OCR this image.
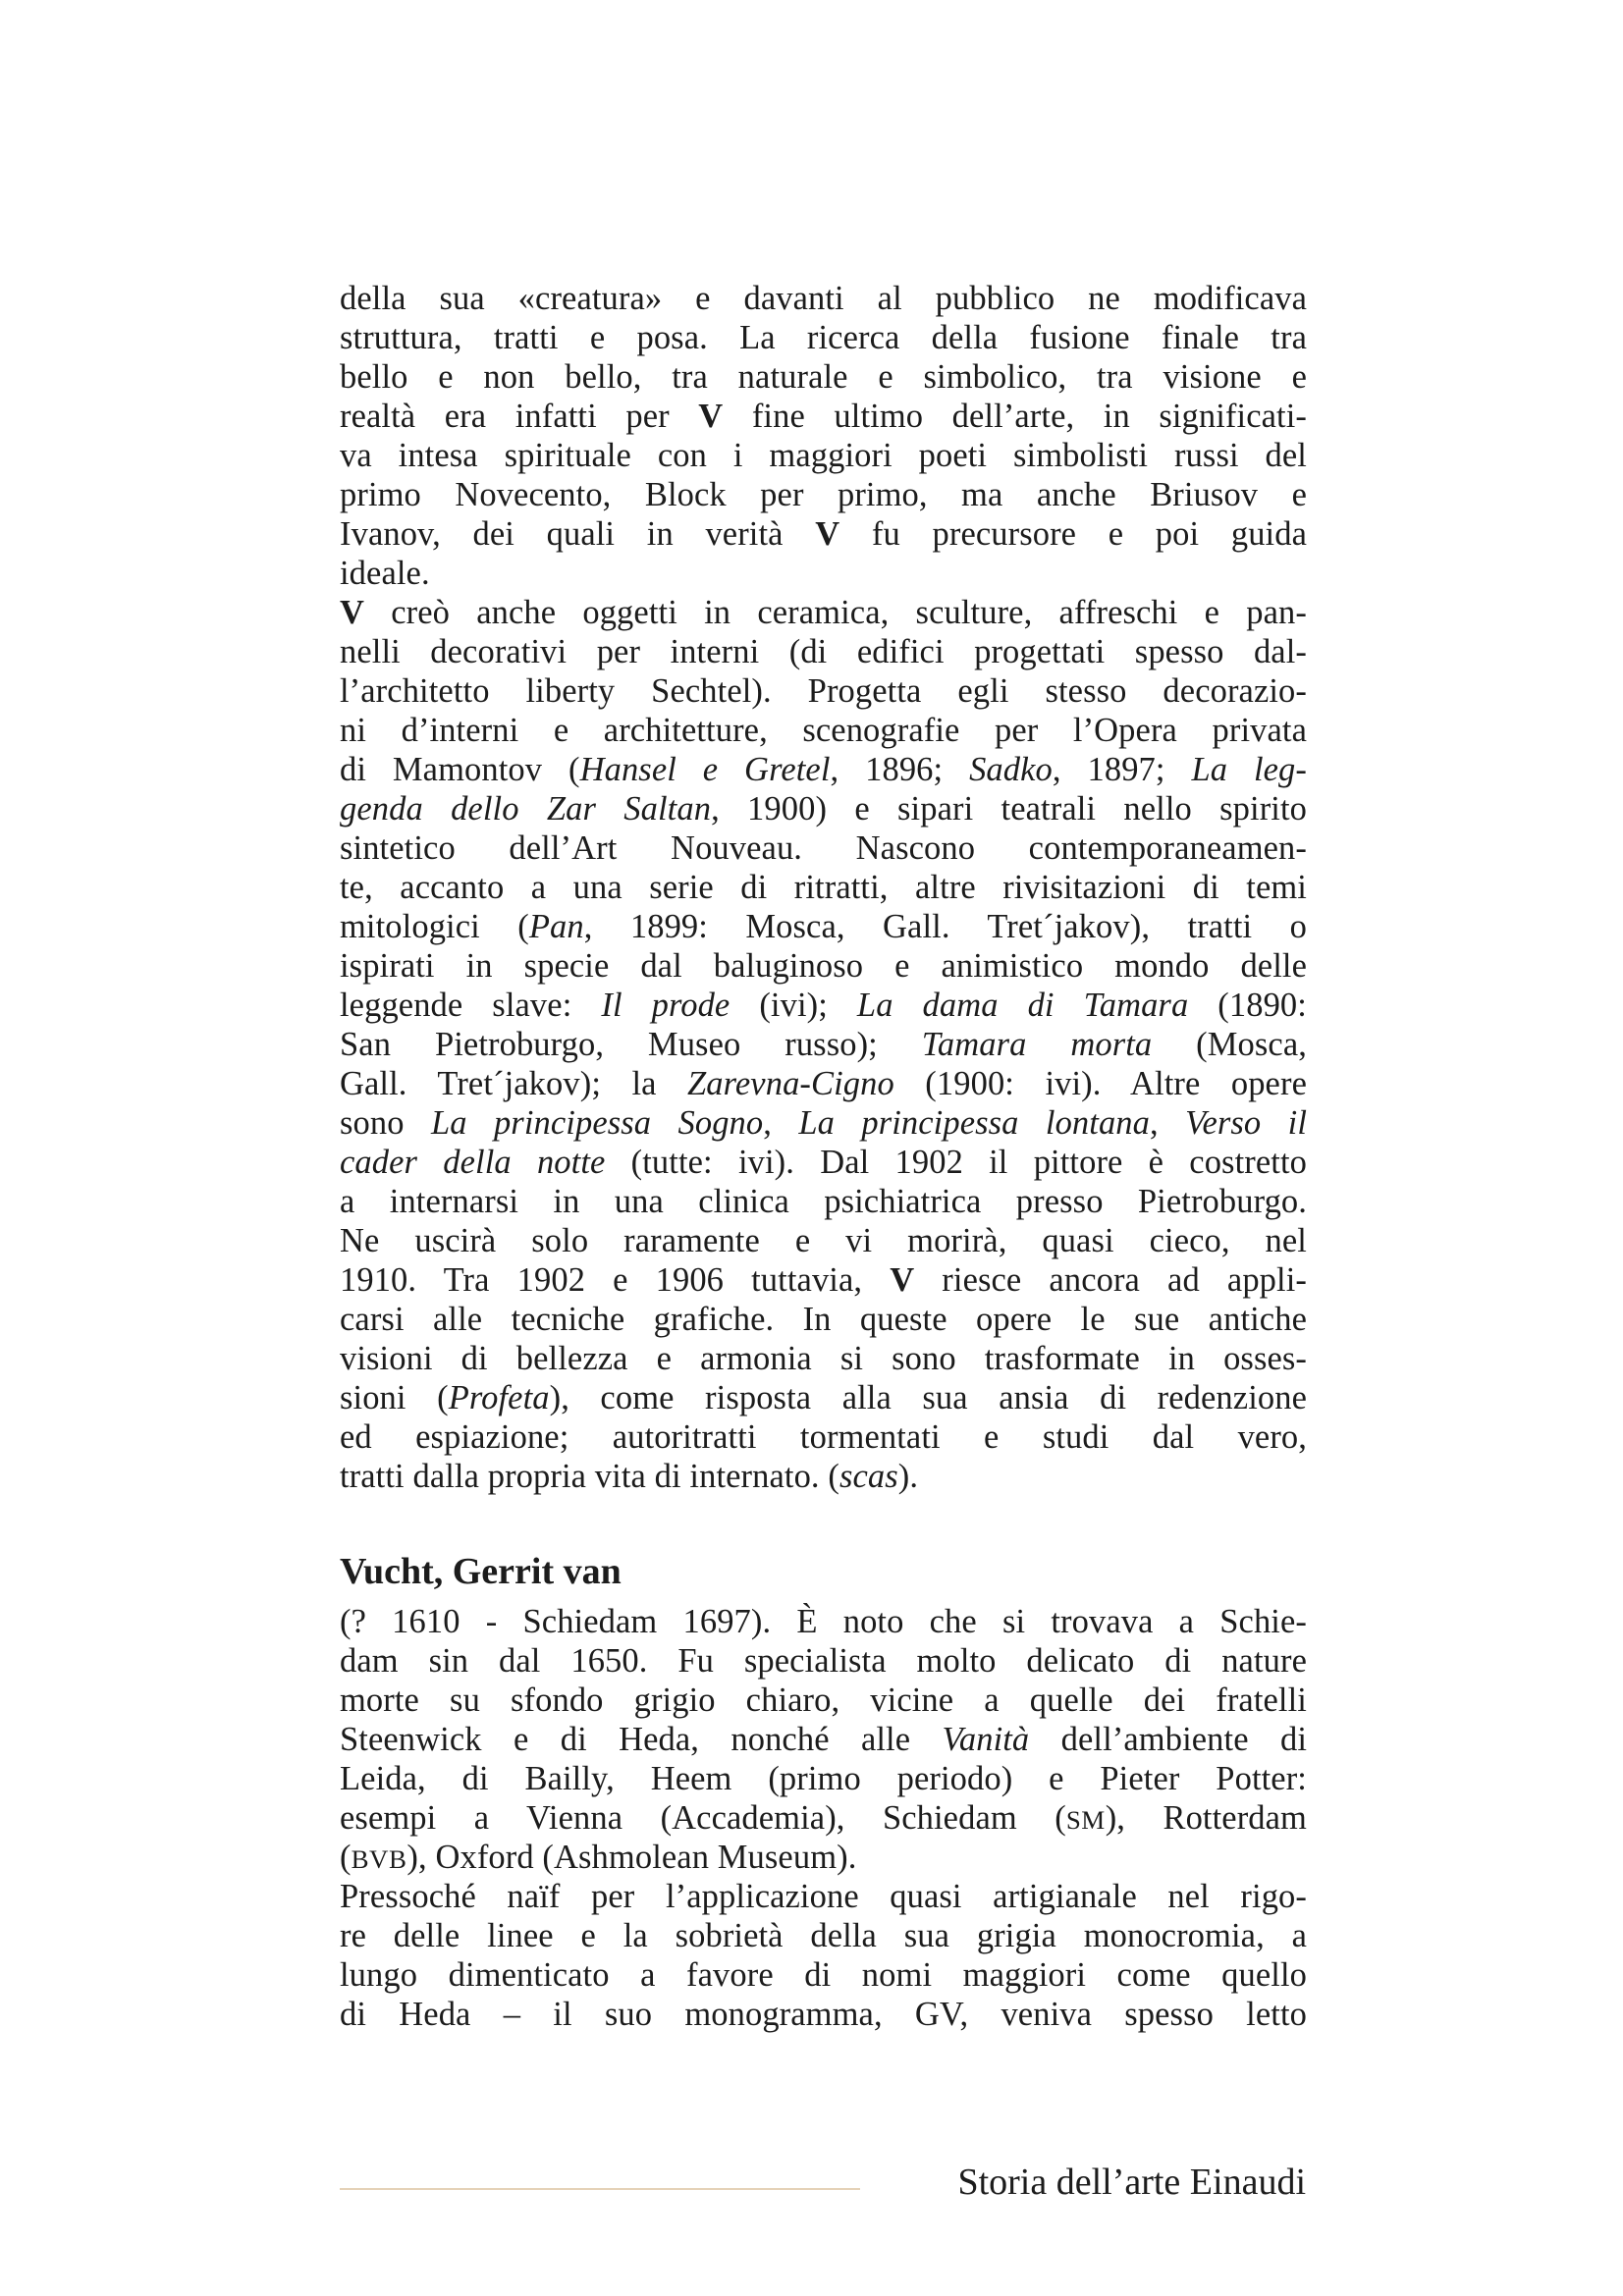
della sua «creatura» e davanti al pubblico ne modificava
struttura, tratti e posa. La ricerca della fusione finale tra
bello e non bello, tra naturale e simbolico, tra visione e
realtà era infatti per V fine ultimo dell’arte, in significati-
va intesa spirituale con i maggiori poeti simbolisti russi del
primo Novecento, Block per primo, ma anche Briusov e
Ivanov, dei quali in verità V fu precursore e poi guida
ideale.
V creò anche oggetti in ceramica, sculture, affreschi e pan-
nelli decorativi per interni (di edifici progettati spesso dal-
l’architetto liberty Sechtel). Progetta egli stesso decorazio-
ni d’interni e architetture, scenografie per l’Opera privata
di Mamontov (Hansel e Gretel, 1896; Sadko, 1897; La leg-
genda dello Zar Saltan, 1900) e sipari teatrali nello spirito
sintetico dell’Art Nouveau. Nascono contemporaneamen-
te, accanto a una serie di ritratti, altre rivisitazioni di temi
mitologici (Pan, 1899: Mosca, Gall. Tret´jakov), tratti o
ispirati in specie dal baluginoso e animistico mondo delle
leggende slave: Il prode (ivi); La dama di Tamara (1890:
San Pietroburgo, Museo russo); Tamara morta (Mosca,
Gall. Tret´jakov); la Zarevna-Cigno (1900: ivi). Altre opere
sono La principessa Sogno, La principessa lontana, Verso il
cader della notte (tutte: ivi). Dal 1902 il pittore è costretto
a internarsi in una clinica psichiatrica presso Pietroburgo.
Ne uscirà solo raramente e vi morirà, quasi cieco, nel
1910. Tra 1902 e 1906 tuttavia, V riesce ancora ad appli-
carsi alle tecniche grafiche. In queste opere le sue antiche
visioni di bellezza e armonia si sono trasformate in osses-
sioni (Profeta), come risposta alla sua ansia di redenzione
ed espiazione; autoritratti tormentati e studi dal vero,
tratti dalla propria vita di internato. (scas).
Vucht, Gerrit van
(? 1610 - Schiedam 1697). È noto che si trovava a Schie-
dam sin dal 1650. Fu specialista molto delicato di nature
morte su sfondo grigio chiaro, vicine a quelle dei fratelli
Steenwick e di Heda, nonché alle Vanità dell’ambiente di
Leida, di Bailly, Heem (primo periodo) e Pieter Potter:
esempi a Vienna (Accademia), Schiedam (SM), Rotterdam
(BVB), Oxford (Ashmolean Museum).
Pressoché naïf per l’applicazione quasi artigianale nel rigo-
re delle linee e la sobrietà della sua grigia monocromia, a
lungo dimenticato a favore di nomi maggiori come quello
di Heda – il suo monogramma, GV, veniva spesso letto
Storia dell’arte Einaudi
